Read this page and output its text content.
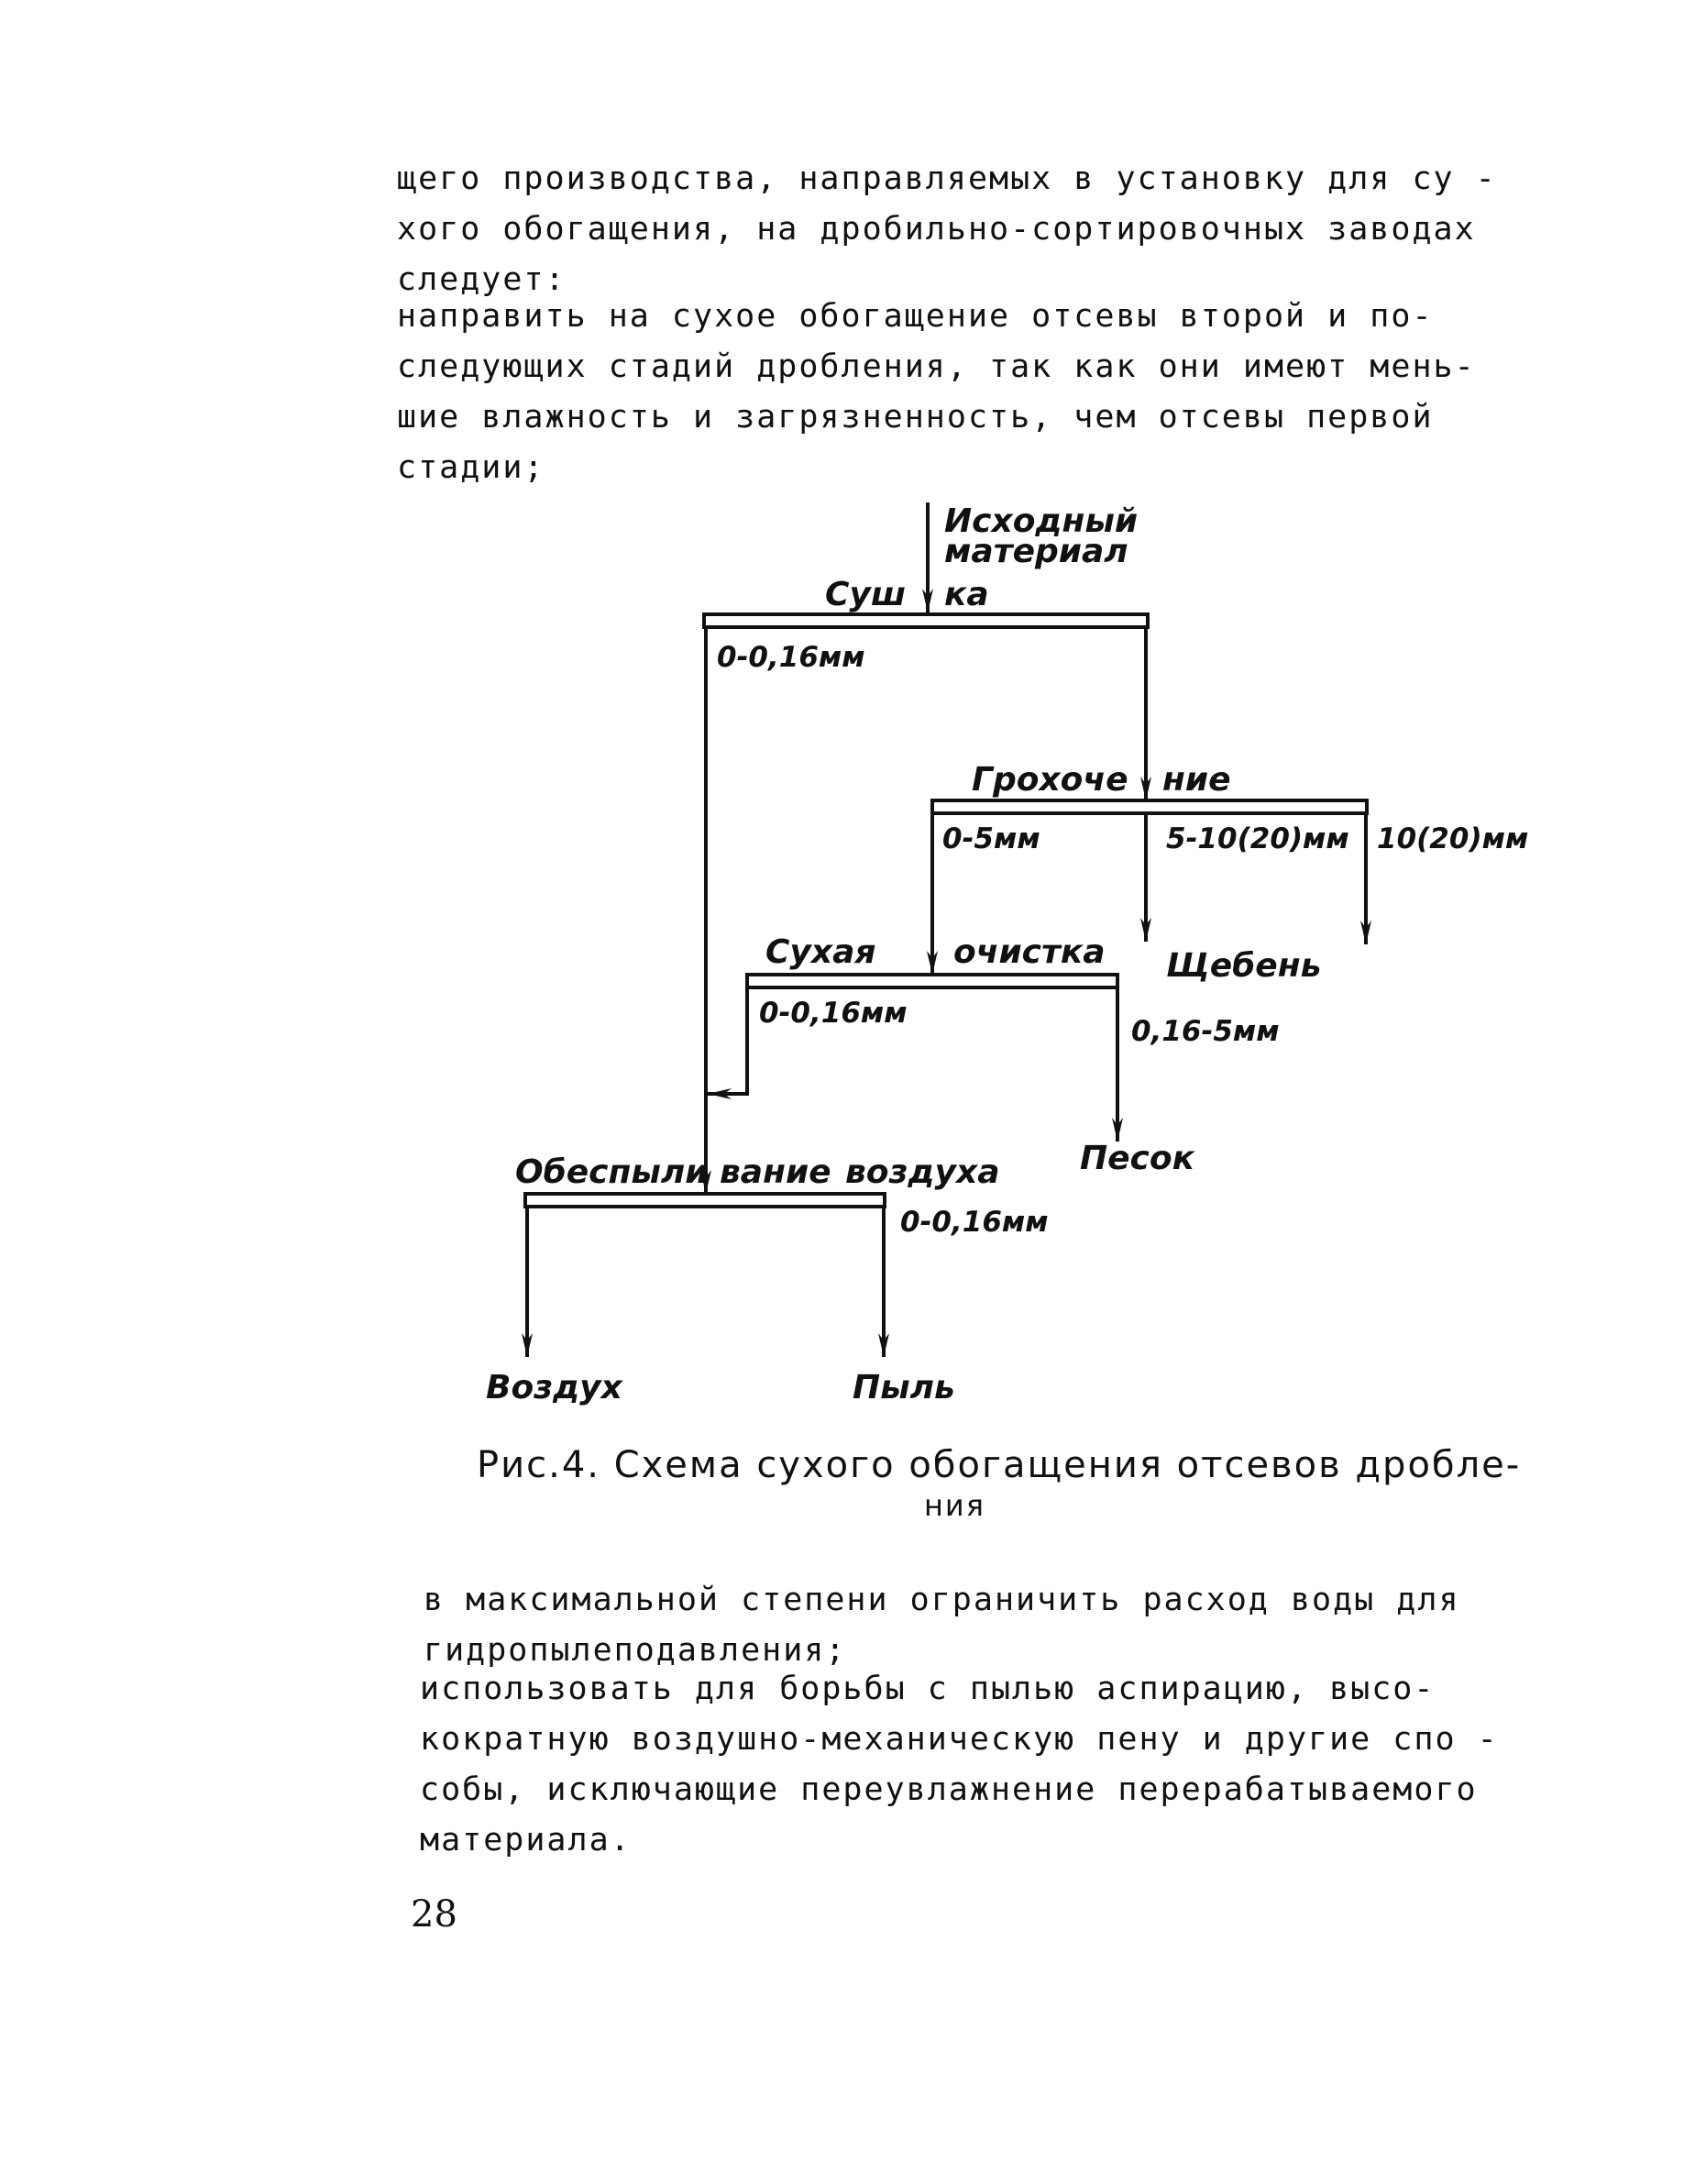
щего производства, направляемых в установку для су -
хого обогащения, на дробильно-сортировочных заводах
следует:

направить на сухое обогащение отсевы второй и по-
следующих стадий дробления, так как они имеют мень-
шие влажность и загрязненность, чем отсевы первой
стадии;

Исходный
материал
Суш ка
0-0,16мм
Грохоче ние
0-5мм	5-10(20)мм 10(20)мм
Щебень
Сухая очистка
0-0,16мм
0,16-5мм
Песок
Обеспыли вание воздуха
0-0,16мм
Воздух	Пыль

Рис.4. Схема сухого обогащения отсевов дробле-

ния

в максимальной степени ограничить расход воды для
гидропылеподавления;

использовать для борьбы с пылью аспирацию, высо-
кократную воздушно-механическую пену и другие спо -
собы, исключающие переувлажнение перерабатываемого
материала.

28
